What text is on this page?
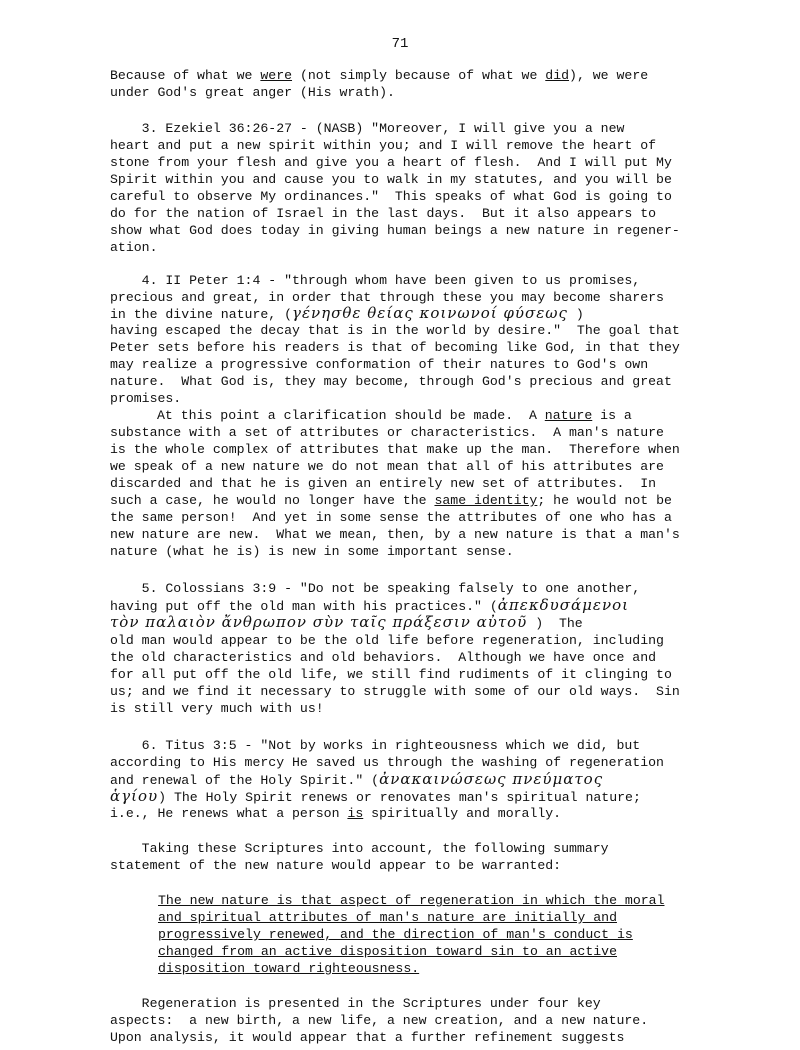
71
Because of what we were (not simply because of what we did), we were
under God's great anger (His wrath).
3. Ezekiel 36:26-27 - (NASB) "Moreover, I will give you a new
heart and put a new spirit within you; and I will remove the heart of
stone from your flesh and give you a heart of flesh.  And I will put My
Spirit within you and cause you to walk in my statutes, and you will be
careful to observe My ordinances."  This speaks of what God is going to
do for the nation of Israel in the last days.  But it also appears to
show what God does today in giving human beings a new nature in regener-
ation.
4. II Peter 1:4 - "through whom have been given to us promises,
precious and great, in order that through these you may become sharers
in the divine nature, (γένησθε θείας κοινωνοί φύσεως )
having escaped the decay that is in the world by desire."  The goal that
Peter sets before his readers is that of becoming like God, in that they
may realize a progressive conformation of their natures to God's own
nature.  What God is, they may become, through God's precious and great
promises.
At this point a clarification should be made.  A nature is a
substance with a set of attributes or characteristics.  A man's nature
is the whole complex of attributes that make up the man.  Therefore when
we speak of a new nature we do not mean that all of his attributes are
discarded and that he is given an entirely new set of attributes.  In
such a case, he would no longer have the same identity; he would not be
the same person!  And yet in some sense the attributes of one who has a
new nature are new.  What we mean, then, by a new nature is that a man's
nature (what he is) is new in some important sense.
5. Colossians 3:9 - "Do not be speaking falsely to one another,
having put off the old man with his practices." (ἀπεκδυσάμενοι
τὸν παλαιὸν ἄνθρωπον σὺν ταῖς πράξεσιν αὐτοῦ )  The
old man would appear to be the old life before regeneration, including
the old characteristics and old behaviors.  Although we have once and
for all put off the old life, we still find rudiments of it clinging to
us; and we find it necessary to struggle with some of our old ways.  Sin
is still very much with us!
6. Titus 3:5 - "Not by works in righteousness which we did, but
according to His mercy He saved us through the washing of regeneration
and renewal of the Holy Spirit." (ἀνακαινώσεως πνεύματος
ἁγίου) The Holy Spirit renews or renovates man's spiritual nature;
i.e., He renews what a person is spiritually and morally.
Taking these Scriptures into account, the following summary
statement of the new nature would appear to be warranted:
The new nature is that aspect of regeneration in which the moral
and spiritual attributes of man's nature are initially and
progressively renewed, and the direction of man's conduct is
changed from an active disposition toward sin to an active
disposition toward righteousness.
Regeneration is presented in the Scriptures under four key
aspects:  a new birth, a new life, a new creation, and a new nature.
Upon analysis, it would appear that a further refinement suggests
